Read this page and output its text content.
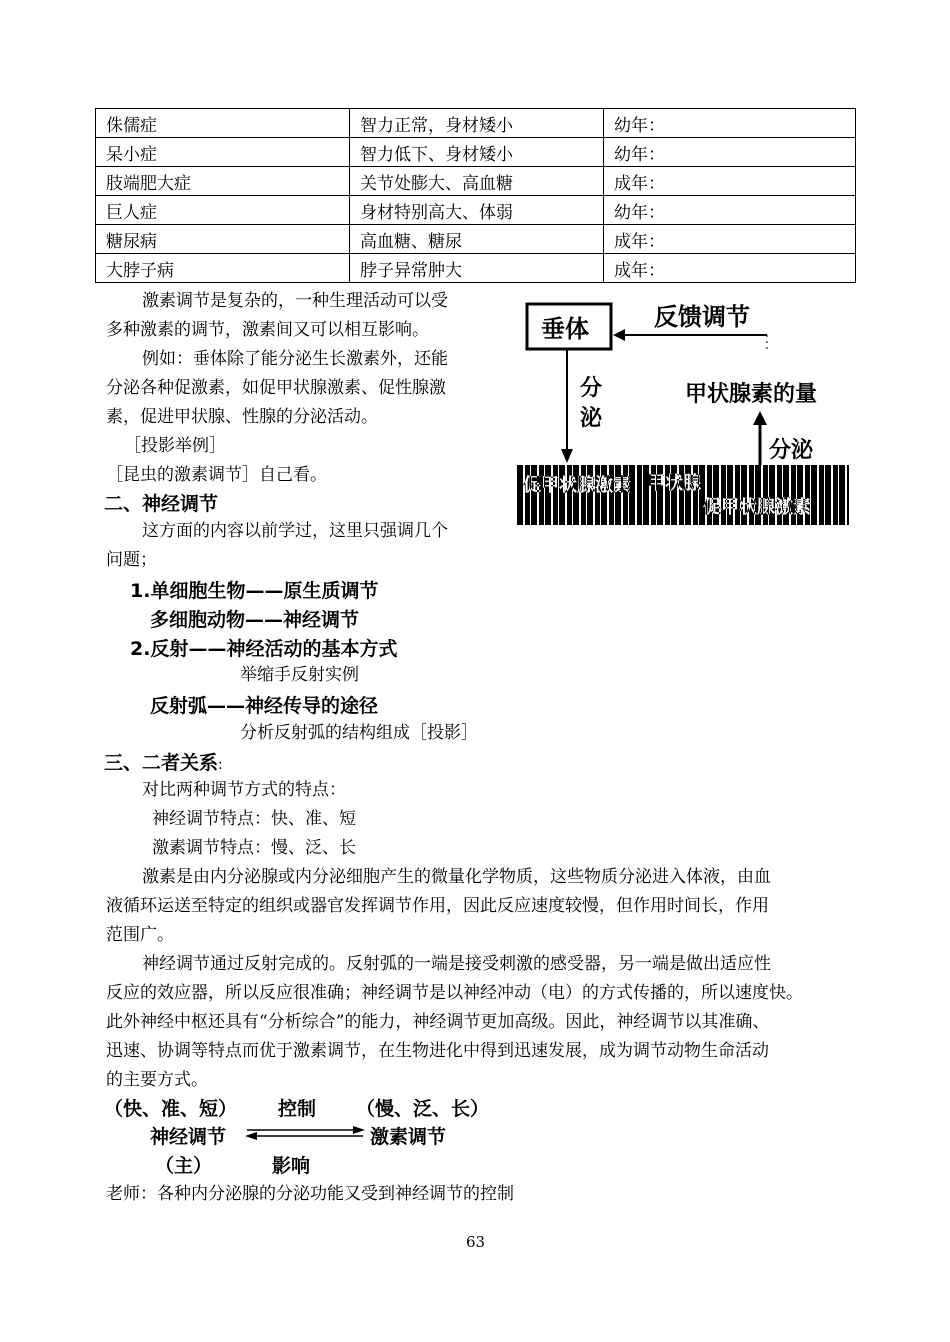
侏儒症	智力正常，身材矮小	幼年：
呆小症	智力低下、身材矮小	幼年：
肢端肥大症	关节处膨大、高血糖	成年：
巨人症	身材特别高大、体弱	幼年：
糖尿病	高血糖、糖尿	成年：
大脖子病	脖子异常肿大	成年：
激素调节是复杂的，一种生理活动可以受
多种激素的调节，激素间又可以相互影响。
例如：垂体除了能分泌生长激素外，还能
分泌各种促激素，如促甲状腺激素、促性腺激
素，促进甲状腺、性腺的分泌活动。
［投影举例］
［昆虫的激素调节］自己看。
垂体	反馈调节
分
泌
甲状腺素的量
分泌
促甲状腺激素 甲状腺
促甲状腺激素
二、神经调节
这方面的内容以前学过，这里只强调几个
问题；
1.单细胞生物——原生质调节
多细胞动物——神经调节
2.反射——神经活动的基本方式
举缩手反射实例
反射弧——神经传导的途径
分析反射弧的结构组成［投影］
三、二者关系:
对比两种调节方式的特点：
神经调节特点：快、准、短
激素调节特点：慢、泛、长
激素是由内分泌腺或内分泌细胞产生的微量化学物质，这些物质分泌进入体液，由血
液循环运送至特定的组织或器官发挥调节作用，因此反应速度较慢，但作用时间长，作用
范围广。
神经调节通过反射完成的。反射弧的一端是接受刺激的感受器，另一端是做出适应性
反应的效应器，所以反应很准确；神经调节是以神经冲动（电）的方式传播的，所以速度快。
此外神经中枢还具有“分析综合”的能力，神经调节更加高级。因此，神经调节以其准确、
迅速、协调等特点而优于激素调节，在生物进化中得到迅速发展，成为调节动物生命活动
的主要方式。
（快、准、短） 控制 （慢、泛、长）
神经调节	激素调节
（主）	影响
老师：各种内分泌腺的分泌功能又受到神经调节的控制
63
